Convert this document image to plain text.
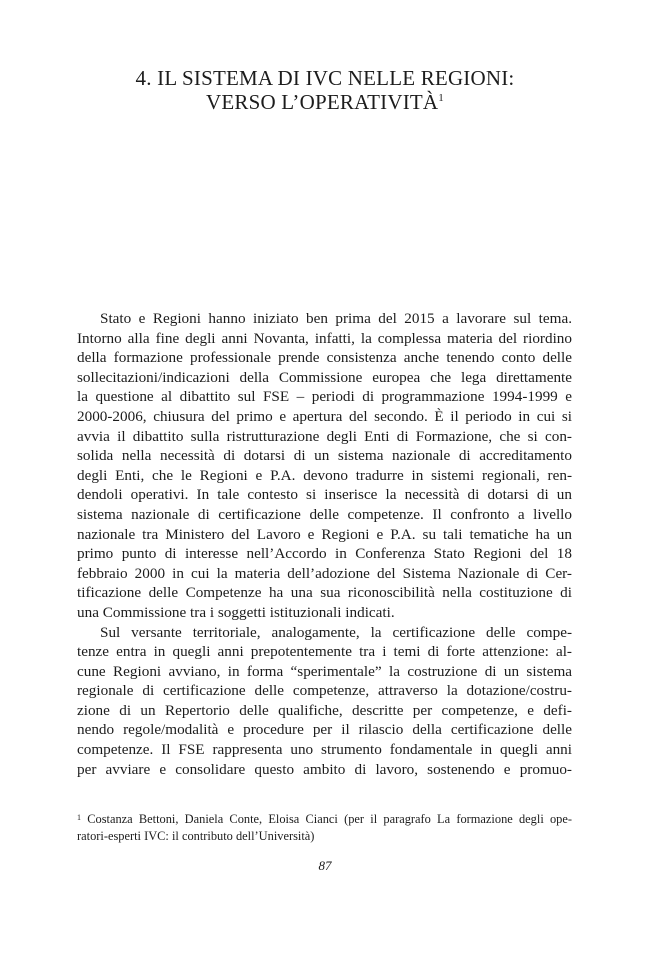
4. IL SISTEMA DI IVC NELLE REGIONI:
VERSO L’OPERATIVITÀ$^1$

Stato e Regioni hanno iniziato ben prima del 2015 a lavorare sul tema.
Intorno alla fine degli anni Novanta, infatti, la complessa materia del riordino
della formazione professionale prende consistenza anche tenendo conto delle
sollecitazioni/indicazioni della Commissione europea che lega direttamente
la questione al dibattito sul FSE – periodi di programmazione 1994-1999 e
2000-2006, chiusura del primo e apertura del secondo. È il periodo in cui si
avvia il dibattito sulla ristrutturazione degli Enti di Formazione, che si con-
solida nella necessità di dotarsi di un sistema nazionale di accreditamento
degli Enti, che le Regioni e P.A. devono tradurre in sistemi regionali, ren-
dendoli operativi. In tale contesto si inserisce la necessità di dotarsi di un
sistema nazionale di certificazione delle competenze. Il confronto a livello
nazionale tra Ministero del Lavoro e Regioni e P.A. su tali tematiche ha un
primo punto di interesse nell’Accordo in Conferenza Stato Regioni del 18
febbraio 2000 in cui la materia dell’adozione del Sistema Nazionale di Cer-
tificazione delle Competenze ha una sua riconoscibilità nella costituzione di
una Commissione tra i soggetti istituzionali indicati.

Sul versante territoriale, analogamente, la certificazione delle compe-
tenze entra in quegli anni prepotentemente tra i temi di forte attenzione: al-
cune Regioni avviano, in forma “sperimentale” la costruzione di un sistema
regionale di certificazione delle competenze, attraverso la dotazione/costru-
zione di un Repertorio delle qualifiche, descritte per competenze, e defi-
nendo regole/modalità e procedure per il rilascio della certificazione delle
competenze. Il FSE rappresenta uno strumento fondamentale in quegli anni
per avviare e consolidare questo ambito di lavoro, sostenendo e promuo-

$^1$ Costanza Bettoni, Daniela Conte, Eloisa Cianci (per il paragrafo La formazione degli ope-
ratori-esperti IVC: il contributo dell’Università)
87
